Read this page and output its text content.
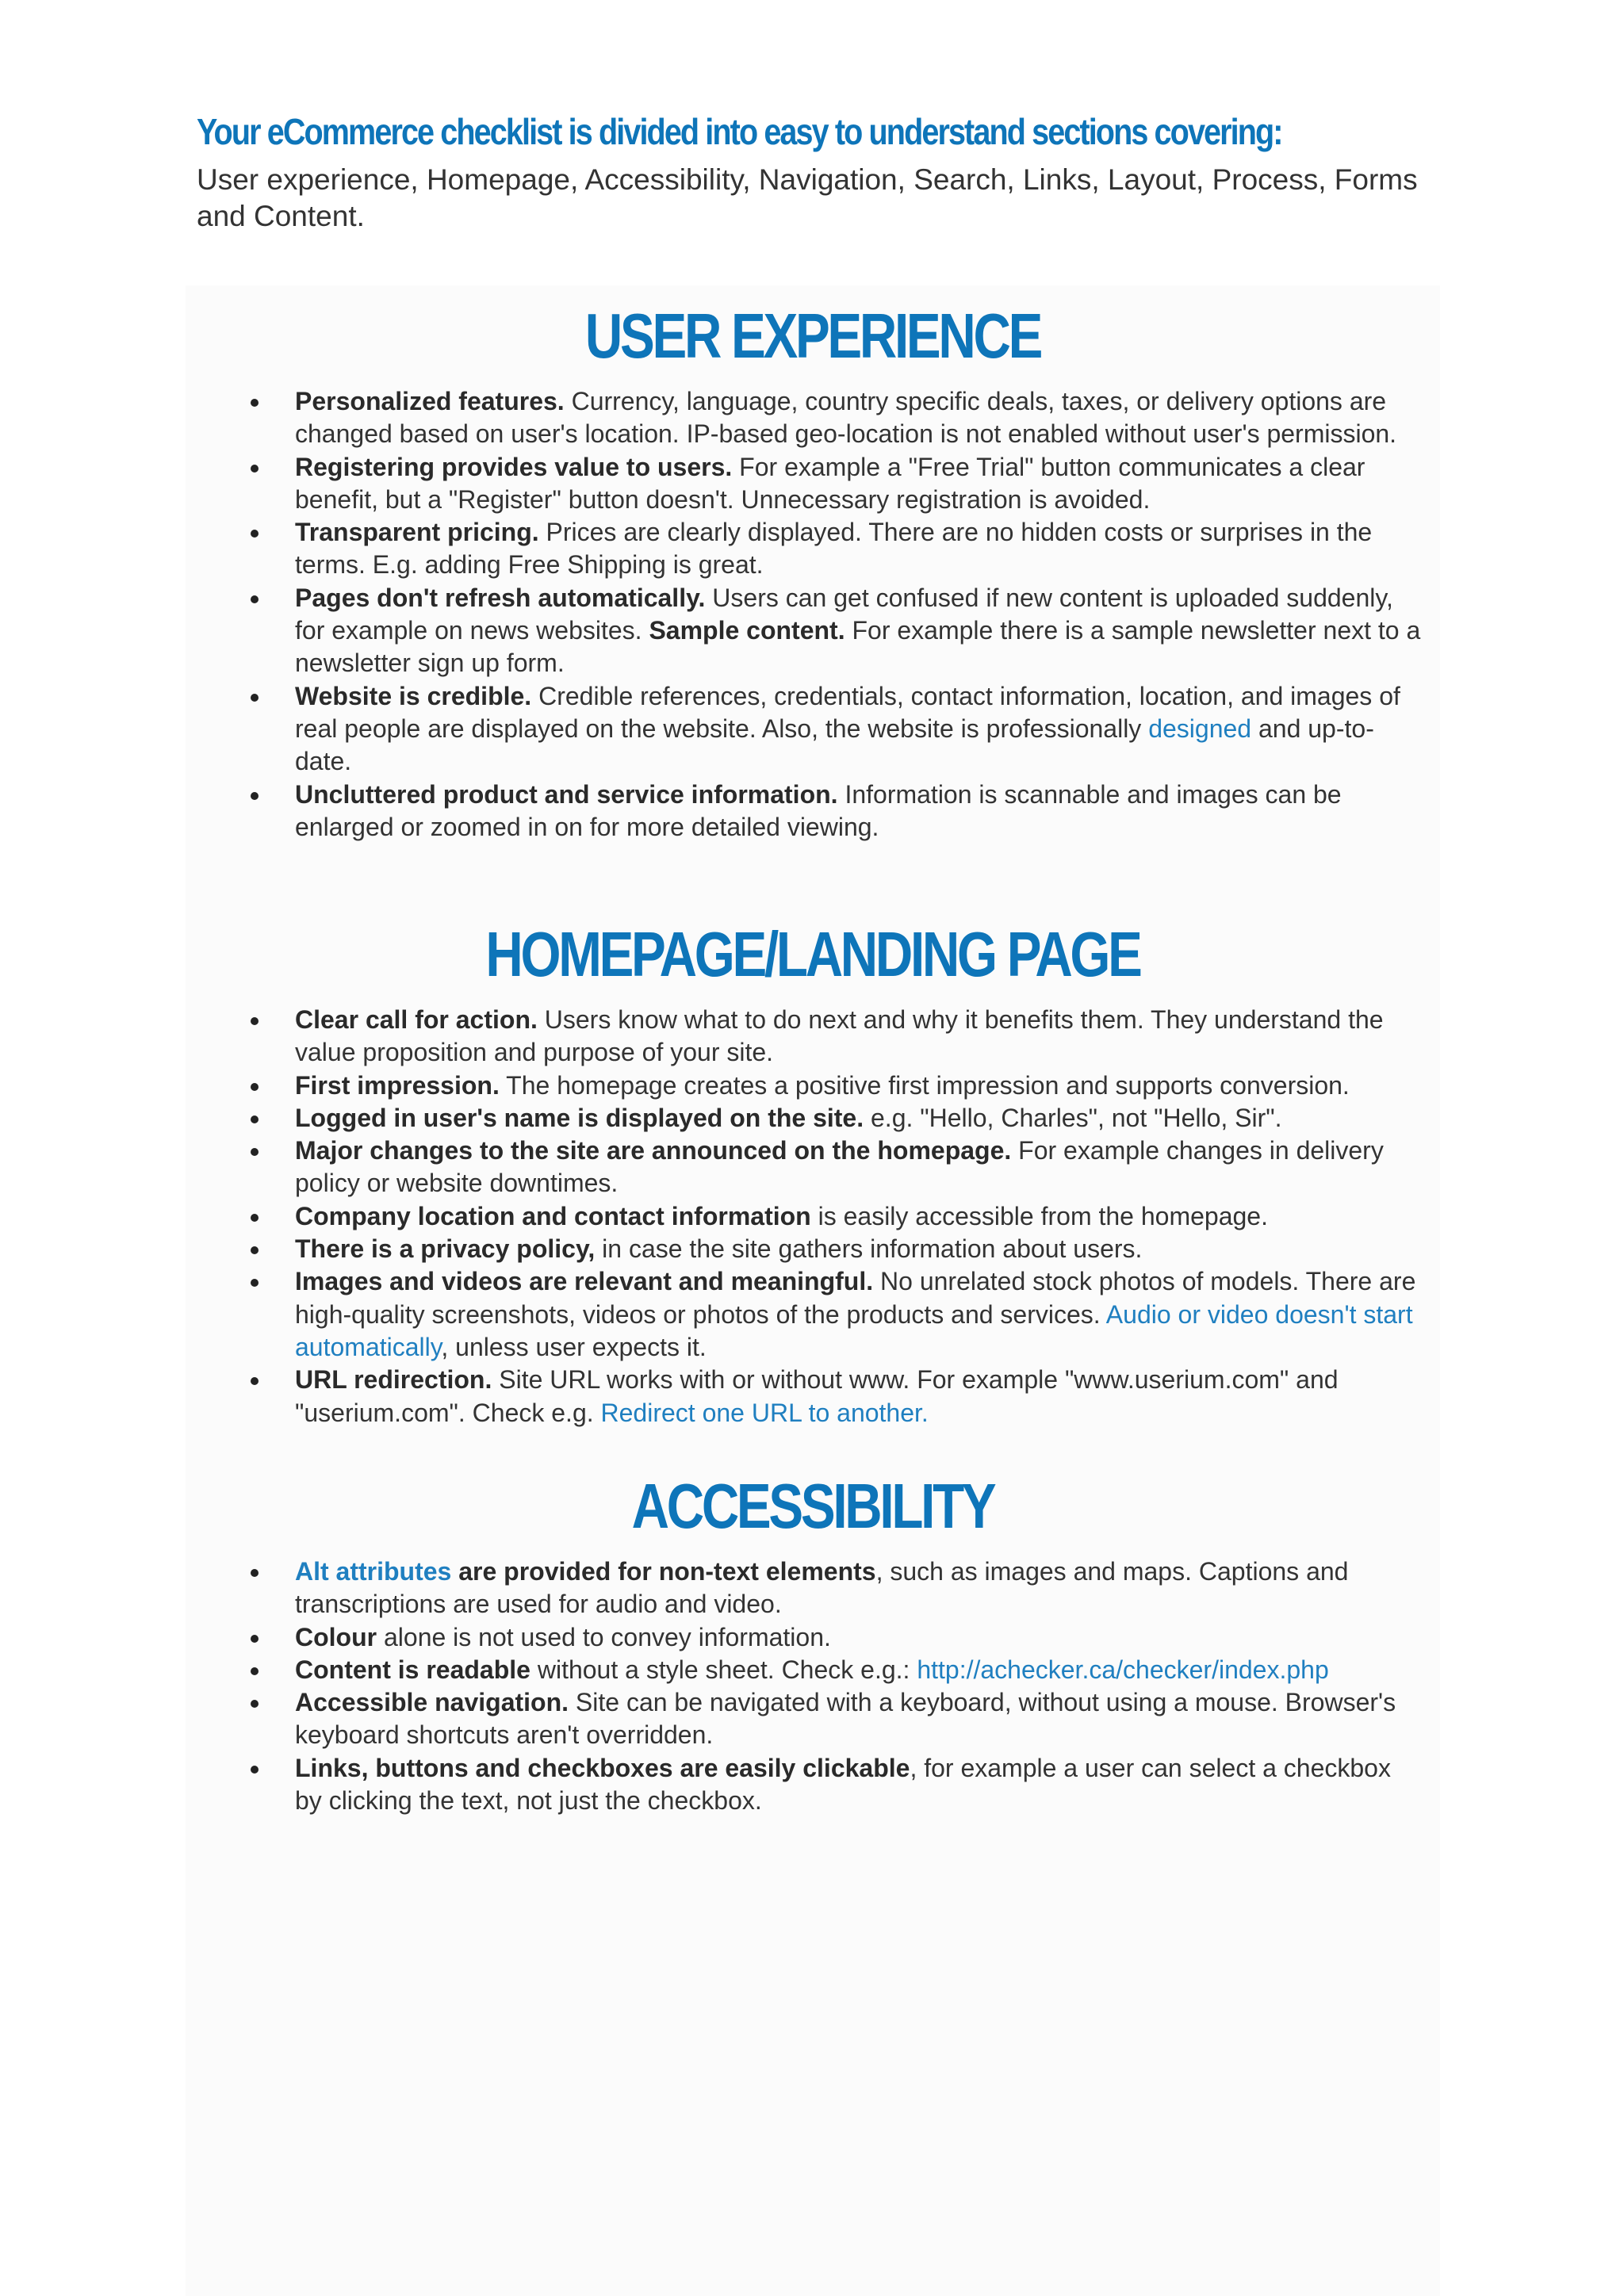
Your eCommerce checklist is divided into easy to understand sections covering:

User experience, Homepage, Accessibility, Navigation, Search, Links, Layout, Process, Forms and Content.

USER EXPERIENCE
Personalized features. Currency, language, country specific deals, taxes, or delivery options are changed based on user's location. IP-based geo-location is not enabled without user's permission.
Registering provides value to users. For example a "Free Trial" button communicates a clear benefit, but a "Register" button doesn't. Unnecessary registration is avoided.
Transparent pricing. Prices are clearly displayed. There are no hidden costs or surprises in the terms. E.g. adding Free Shipping is great.
Pages don't refresh automatically. Users can get confused if new content is uploaded suddenly, for example on news websites. Sample content. For example there is a sample newsletter next to a newsletter sign up form.
Website is credible. Credible references, credentials, contact information, location, and images of real people are displayed on the website. Also, the website is professionally designed and up-to-date.
Uncluttered product and service information. Information is scannable and images can be enlarged or zoomed in on for more detailed viewing.
HOMEPAGE/LANDING PAGE
Clear call for action. Users know what to do next and why it benefits them. They understand the value proposition and purpose of your site.
First impression. The homepage creates a positive first impression and supports conversion.
Logged in user's name is displayed on the site. e.g. "Hello, Charles", not "Hello, Sir".
Major changes to the site are announced on the homepage. For example changes in delivery policy or website downtimes.
Company location and contact information is easily accessible from the homepage.
There is a privacy policy, in case the site gathers information about users.
Images and videos are relevant and meaningful. No unrelated stock photos of models. There are high-quality screenshots, videos or photos of the products and services. Audio or video doesn't start automatically, unless user expects it.
URL redirection. Site URL works with or without www. For example "www.userium.com" and "userium.com". Check e.g. Redirect one URL to another.
ACCESSIBILITY
Alt attributes are provided for non-text elements, such as images and maps. Captions and transcriptions are used for audio and video.
Colour alone is not used to convey information.
Content is readable without a style sheet. Check e.g.: http://achecker.ca/checker/index.php
Accessible navigation. Site can be navigated with a keyboard, without using a mouse. Browser's keyboard shortcuts aren't overridden.
Links, buttons and checkboxes are easily clickable, for example a user can select a checkbox by clicking the text, not just the checkbox.
